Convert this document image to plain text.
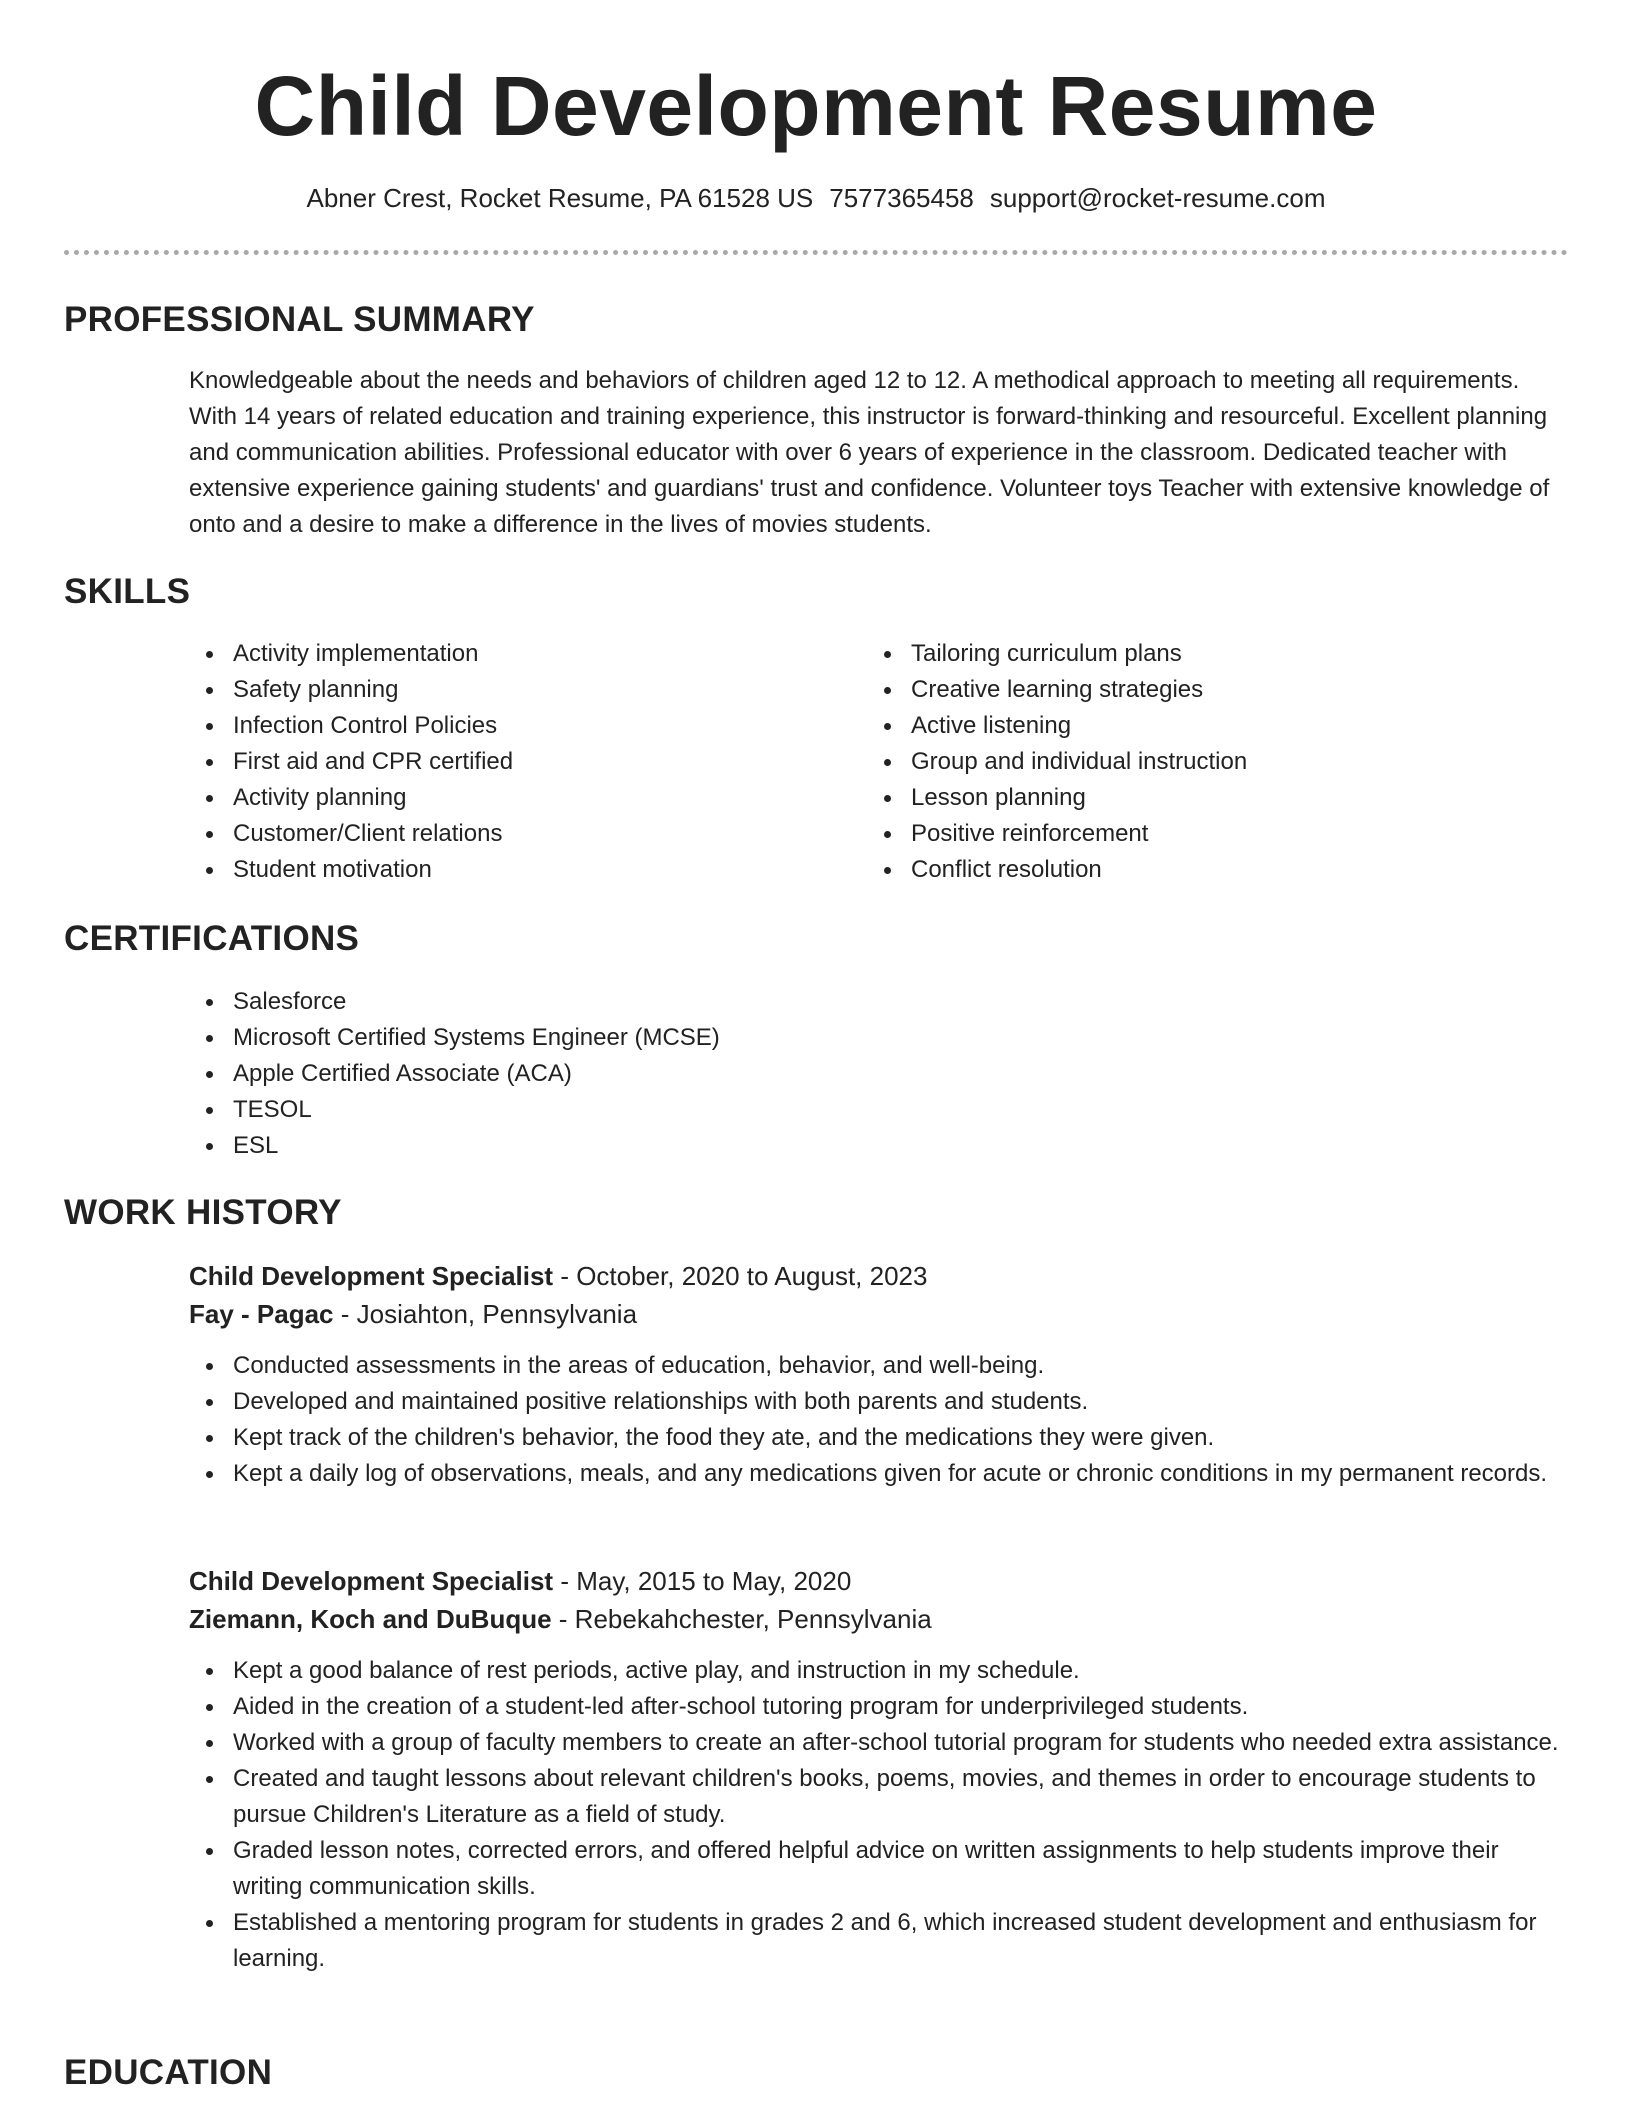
Child Development Resume
Abner Crest, Rocket Resume, PA 61528 US 7577365458 support@rocket-resume.com
PROFESSIONAL SUMMARY
Knowledgeable about the needs and behaviors of children aged 12 to 12. A methodical approach to meeting all requirements. With 14 years of related education and training experience, this instructor is forward-thinking and resourceful. Excellent planning and communication abilities. Professional educator with over 6 years of experience in the classroom. Dedicated teacher with extensive experience gaining students' and guardians' trust and confidence. Volunteer toys Teacher with extensive knowledge of onto and a desire to make a difference in the lives of movies students.
SKILLS
Activity implementation
Safety planning
Infection Control Policies
First aid and CPR certified
Activity planning
Customer/Client relations
Student motivation
Tailoring curriculum plans
Creative learning strategies
Active listening
Group and individual instruction
Lesson planning
Positive reinforcement
Conflict resolution
CERTIFICATIONS
Salesforce
Microsoft Certified Systems Engineer (MCSE)
Apple Certified Associate (ACA)
TESOL
ESL
WORK HISTORY
Child Development Specialist - October, 2020 to August, 2023
Fay - Pagac - Josiahton, Pennsylvania
Conducted assessments in the areas of education, behavior, and well-being.
Developed and maintained positive relationships with both parents and students.
Kept track of the children's behavior, the food they ate, and the medications they were given.
Kept a daily log of observations, meals, and any medications given for acute or chronic conditions in my permanent records.
Child Development Specialist - May, 2015 to May, 2020
Ziemann, Koch and DuBuque - Rebekahchester, Pennsylvania
Kept a good balance of rest periods, active play, and instruction in my schedule.
Aided in the creation of a student-led after-school tutoring program for underprivileged students.
Worked with a group of faculty members to create an after-school tutorial program for students who needed extra assistance.
Created and taught lessons about relevant children's books, poems, movies, and themes in order to encourage students to pursue Children's Literature as a field of study.
Graded lesson notes, corrected errors, and offered helpful advice on written assignments to help students improve their writing communication skills.
Established a mentoring program for students in grades 2 and 6, which increased student development and enthusiasm for learning.
EDUCATION
